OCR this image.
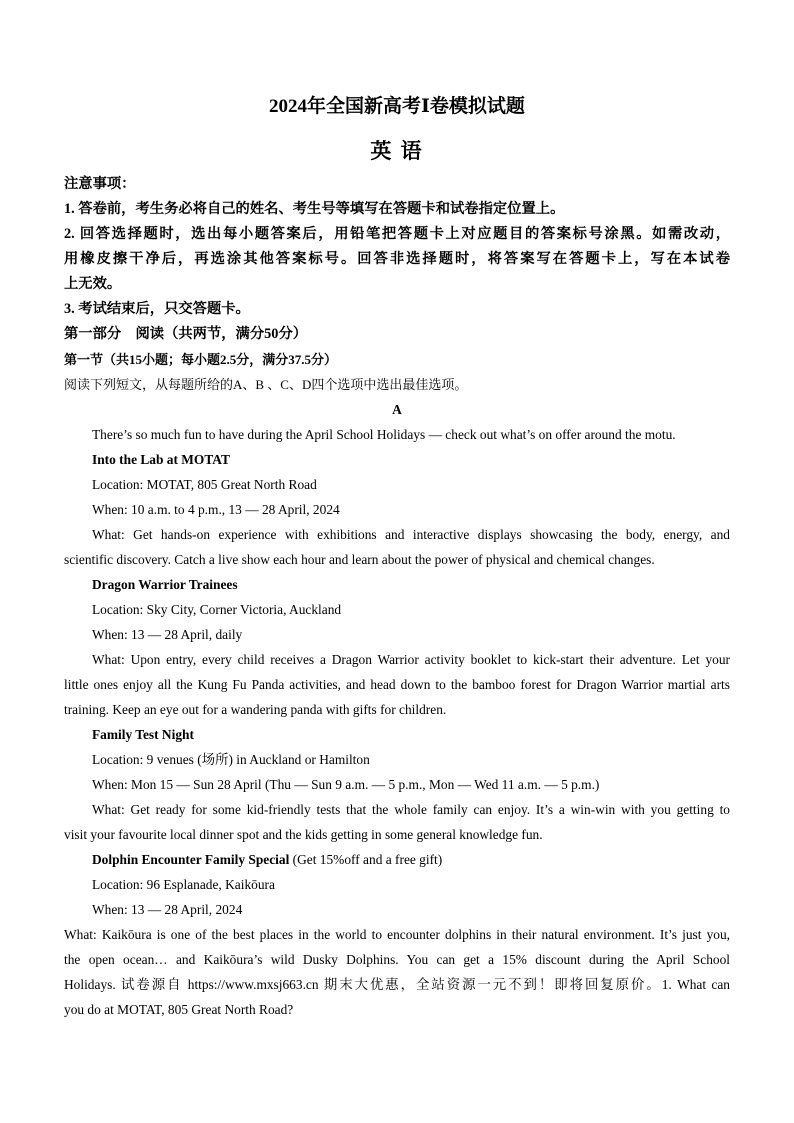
2024年全国新高考Ⅰ卷模拟试题
英 语
注意事项：
1. 答卷前，考生务必将自己的姓名、考生号等填写在答题卡和试卷指定位置上。
2. 回答选择题时，选出每小题答案后，用铅笔把答题卡上对应题目的答案标号涂黑。如需改动，
用橡皮擦干净后，再选涂其他答案标号。回答非选择题时，将答案写在答题卡上，写在本试卷
上无效。
3. 考试结束后，只交答题卡。
第一部分　阅读（共两节，满分50分）
第一节（共15小题；每小题2.5分，满分37.5分）
阅读下列短文，从每题所给的A、B 、C、D四个选项中选出最佳选项。
A
There’s so much fun to have during the April School Holidays — check out what’s on offer around the motu.
Into the Lab at MOTAT
Location: MOTAT, 805 Great North Road
When: 10 a.m. to 4 p.m., 13 — 28 April, 2024
What: Get hands-on experience with exhibitions and interactive displays showcasing the body, energy, and
scientific discovery. Catch a live show each hour and learn about the power of physical and chemical changes.
Dragon Warrior Trainees
Location: Sky City, Corner Victoria, Auckland
When: 13 — 28 April, daily
What: Upon entry, every child receives a Dragon Warrior activity booklet to kick-start their adventure. Let your
little ones enjoy all the Kung Fu Panda activities, and head down to the bamboo forest for Dragon Warrior martial arts
training. Keep an eye out for a wandering panda with gifts for children.
Family Test Night
Location: 9 venues (场所) in Auckland or Hamilton
When: Mon 15 — Sun 28 April (Thu — Sun 9 a.m. — 5 p.m., Mon — Wed 11 a.m. — 5 p.m.)
What: Get ready for some kid-friendly tests that the whole family can enjoy. It’s a win-win with you getting to
visit your favourite local dinner spot and the kids getting in some general knowledge fun.
Dolphin Encounter Family Special (Get 15%off and a free gift)
Location: 96 Esplanade, Kaikōura
When: 13 — 28 April, 2024
What: Kaikōura is one of the best places in the world to encounter dolphins in their natural environment. It’s just you,
the open ocean… and Kaikōura’s wild Dusky Dolphins. You can get a 15% discount during the April School
Holidays. 试卷源自 https://www.mxsj663.cn 期末大优惠，全站资源一元不到！即将回复原价。1. What can
you do at MOTAT, 805 Great North Road?
